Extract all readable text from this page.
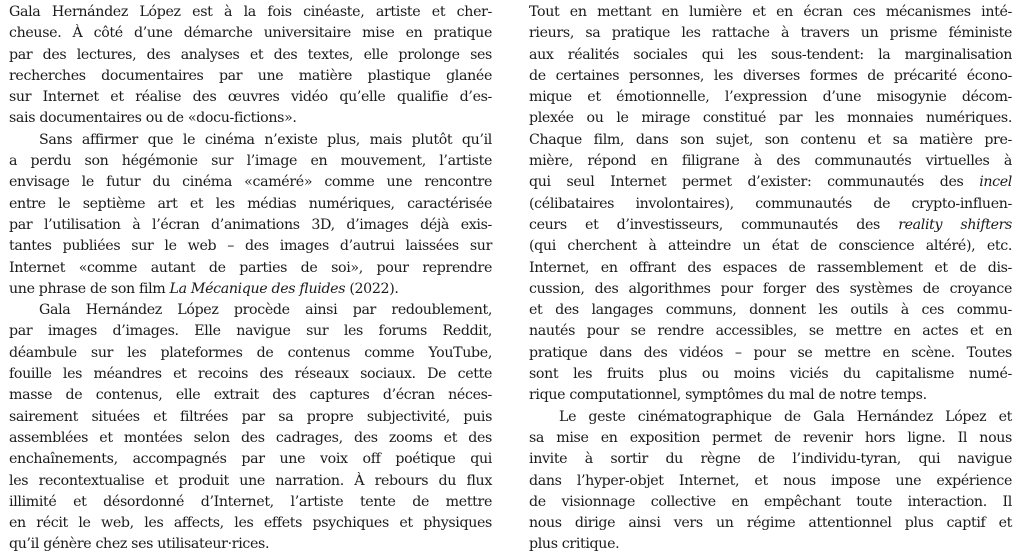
Gala Hernández López est à la fois cinéaste, artiste et cher-
cheuse. À côté d’une démarche universitaire mise en pratique
par des lectures, des analyses et des textes, elle prolonge ses
recherches documentaires par une matière plastique glanée
sur Internet et réalise des œuvres vidéo qu’elle qualifie d’es-
sais documentaires ou de «docu-fictions».
Sans affirmer que le cinéma n’existe plus, mais plutôt qu’il
a perdu son hégémonie sur l’image en mouvement, l’artiste
envisage le futur du cinéma «caméré» comme une rencontre
entre le septième art et les médias numériques, caractérisée
par l’utilisation à l’écran d’animations 3D, d’images déjà exis-
tantes publiées sur le web – des images d’autrui laissées sur
Internet «comme autant de parties de soi», pour reprendre
une phrase de son film La Mécanique des fluides (2022).
Gala Hernández López procède ainsi par redoublement,
par images d’images. Elle navigue sur les forums Reddit,
déambule sur les plateformes de contenus comme YouTube,
fouille les méandres et recoins des réseaux sociaux. De cette
masse de contenus, elle extrait des captures d’écran néces-
sairement situées et filtrées par sa propre subjectivité, puis
assemblées et montées selon des cadrages, des zooms et des
enchaînements, accompagnés par une voix off poétique qui
les recontextualise et produit une narration. À rebours du flux
illimité et désordonné d’Internet, l’artiste tente de mettre
en récit le web, les affects, les effets psychiques et physiques
qu’il génère chez ses utilisateur·rices.
Tout en mettant en lumière et en écran ces mécanismes inté-
rieurs, sa pratique les rattache à travers un prisme féministe
aux réalités sociales qui les sous-tendent: la marginalisation
de certaines personnes, les diverses formes de précarité écono-
mique et émotionnelle, l’expression d’une misogynie décom-
plexée ou le mirage constitué par les monnaies numériques.
Chaque film, dans son sujet, son contenu et sa matière pre-
mière, répond en filigrane à des communautés virtuelles à
qui seul Internet permet d’exister: communautés des incel
(célibataires involontaires), communautés de crypto-influen-
ceurs et d’investisseurs, communautés des reality shifters
(qui cherchent à atteindre un état de conscience altéré), etc.
Internet, en offrant des espaces de rassemblement et de dis-
cussion, des algorithmes pour forger des systèmes de croyance
et des langages communs, donnent les outils à ces commu-
nautés pour se rendre accessibles, se mettre en actes et en
pratique dans des vidéos – pour se mettre en scène. Toutes
sont les fruits plus ou moins viciés du capitalisme numé-
rique computationnel, symptômes du mal de notre temps.
Le geste cinématographique de Gala Hernández López et
sa mise en exposition permet de revenir hors ligne. Il nous
invite à sortir du règne de l’individu-tyran, qui navigue
dans l’hyper-objet Internet, et nous impose une expérience
de visionnage collective en empêchant toute interaction. Il
nous dirige ainsi vers un régime attentionnel plus captif et
plus critique.
